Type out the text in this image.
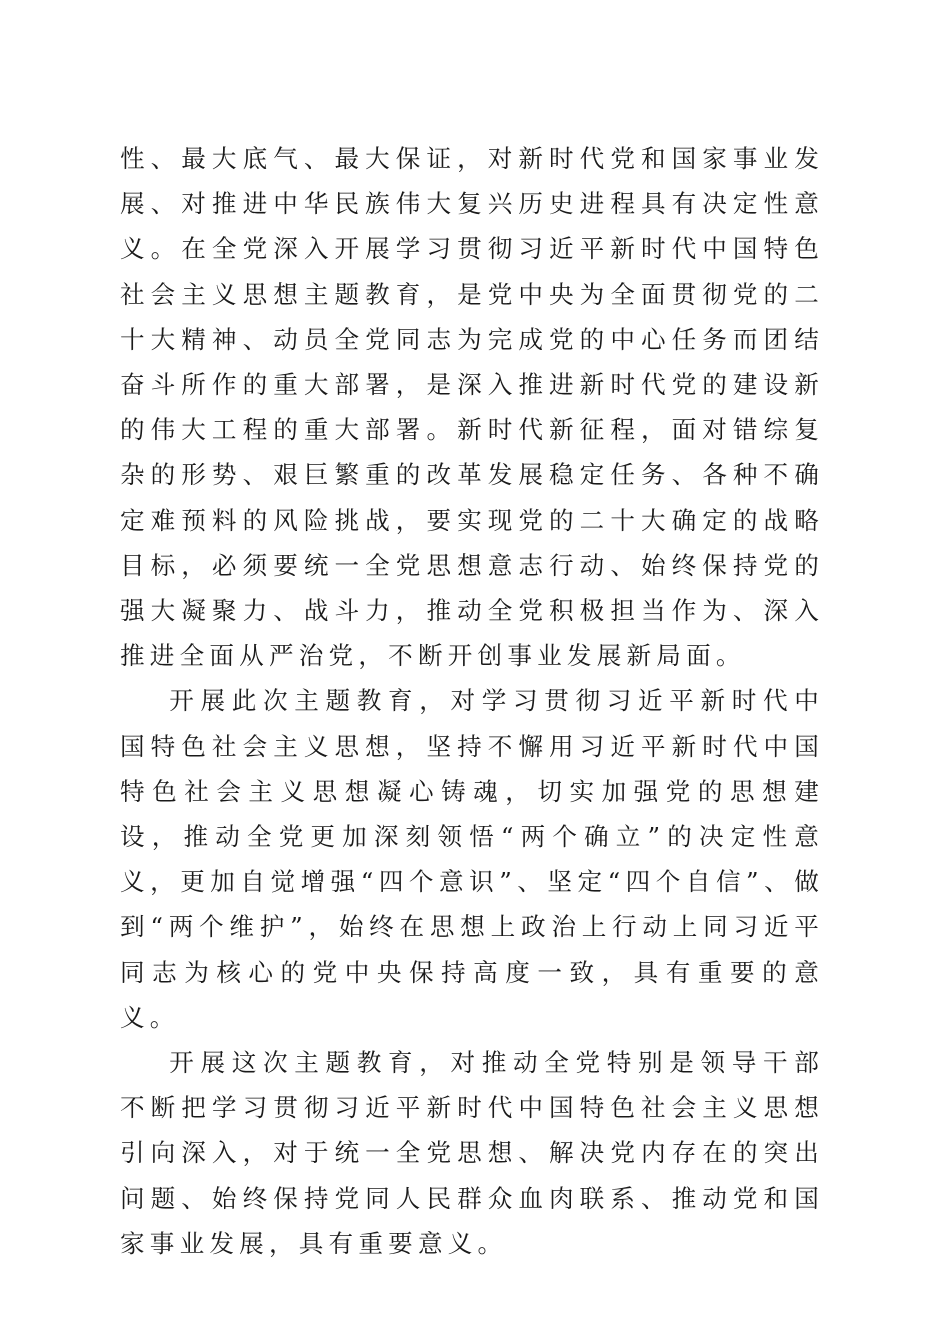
性、最大底气、最大保证，对新时代党和国家事业发展、对推进中华民族伟大复兴历史进程具有决定性意义。在全党深入开展学习贯彻习近平新时代中国特色社会主义思想主题教育，是党中央为全面贯彻党的二十大精神、动员全党同志为完成党的中心任务而团结奋斗所作的重大部署，是深入推进新时代党的建设新的伟大工程的重大部署。新时代新征程，面对错综复杂的形势、艰巨繁重的改革发展稳定任务、各种不确定难预料的风险挑战，要实现党的二十大确定的战略目标，必须要统一全党思想意志行动、始终保持党的强大凝聚力、战斗力，推动全党积极担当作为、深入推进全面从严治党，不断开创事业发展新局面。

开展此次主题教育，对学习贯彻习近平新时代中国特色社会主义思想，坚持不懈用习近平新时代中国特色社会主义思想凝心铸魂，切实加强党的思想建设，推动全党更加深刻领悟“两个确立”的决定性意义，更加自觉增强“四个意识”、坚定“四个自信”、做到“两个维护”，始终在思想上政治上行动上同习近平同志为核心的党中央保持高度一致，具有重要的意义。

开展这次主题教育，对推动全党特别是领导干部不断把学习贯彻习近平新时代中国特色社会主义思想引向深入，对于统一全党思想、解决党内存在的突出问题、始终保持党同人民群众血肉联系、推动党和国家事业发展，具有重要意义。
